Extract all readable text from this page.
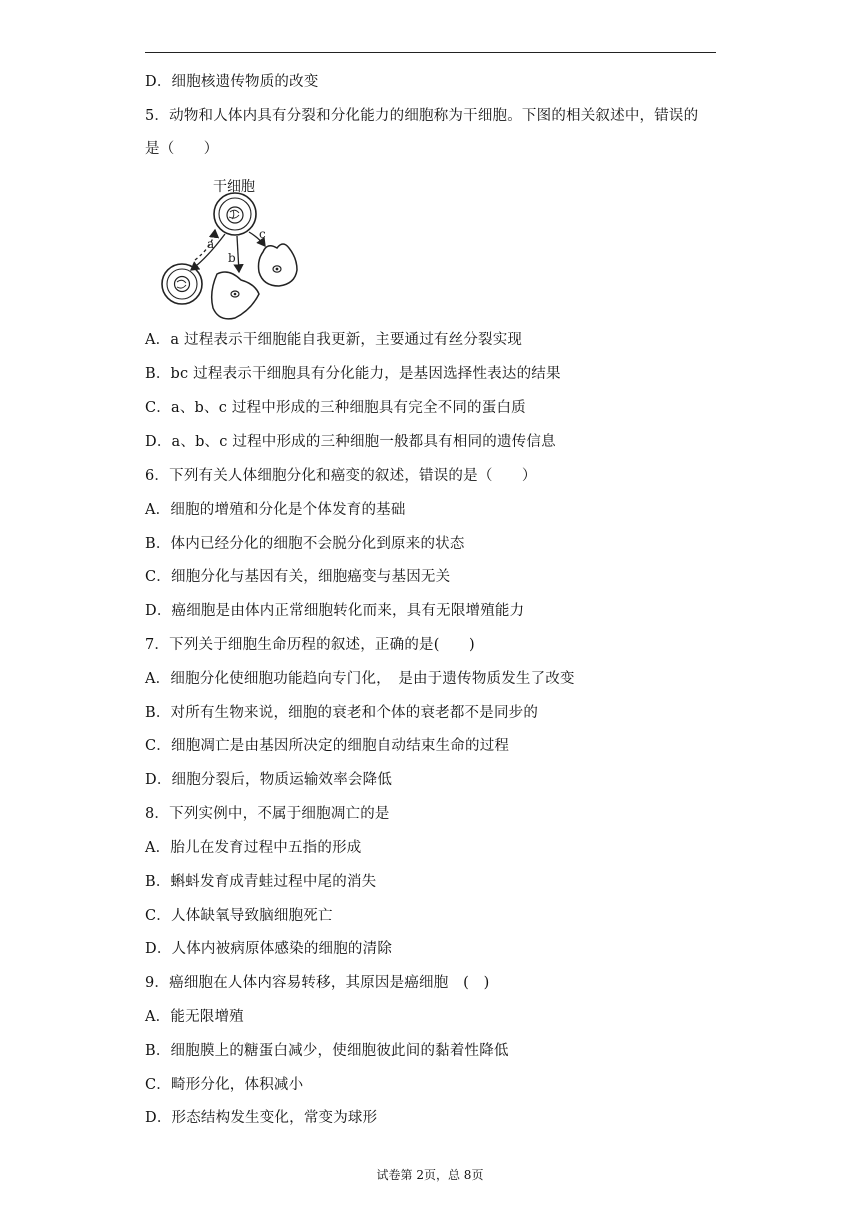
D．细胞核遗传物质的改变
5．动物和人体内具有分裂和分化能力的细胞称为干细胞。下图的相关叙述中，错误的
是（　　）
A．a 过程表示干细胞能自我更新，主要通过有丝分裂实现
B．bc 过程表示干细胞具有分化能力，是基因选择性表达的结果
C．a、b、c 过程中形成的三种细胞具有完全不同的蛋白质
D．a、b、c 过程中形成的三种细胞一般都具有相同的遗传信息
6．下列有关人体细胞分化和癌变的叙述，错误的是（　　）
A．细胞的增殖和分化是个体发育的基础
B．体内已经分化的细胞不会脱分化到原来的状态
C．细胞分化与基因有关，细胞癌变与基因无关
D．癌细胞是由体内正常细胞转化而来，具有无限增殖能力
7．下列关于细胞生命历程的叙述，正确的是(　　)
A．细胞分化使细胞功能趋向专门化，　是由于遗传物质发生了改变
B．对所有生物来说，细胞的衰老和个体的衰老都不是同步的
C．细胞凋亡是由基因所决定的细胞自动结束生命的过程
D．细胞分裂后，物质运输效率会降低
8．下列实例中，不属于细胞凋亡的是
A．胎儿在发育过程中五指的形成
B．蝌蚪发育成青蛙过程中尾的消失
C．人体缺氧导致脑细胞死亡
D．人体内被病原体感染的细胞的清除
9．癌细胞在人体内容易转移，其原因是癌细胞　(　)
A．能无限增殖
B．细胞膜上的糖蛋白减少，使细胞彼此间的黏着性降低
C．畸形分化，体积减小
D．形态结构发生变化，常变为球形
干细胞
a
b
c
试卷第 2页，总 8页
